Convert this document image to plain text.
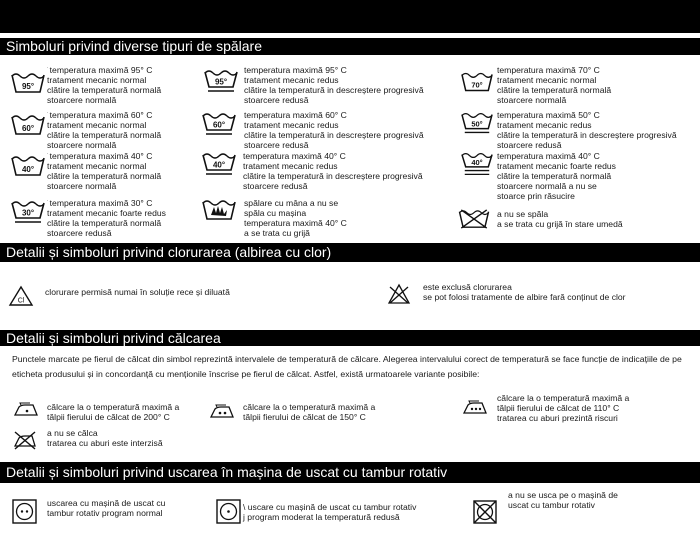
Simboluri privind diverse tipuri de spălare
95°
$^ˈ$temperatura maximă 95° C
tratament mecanic normal
clătire la temperatură normală
stoarcere normală
95°
temperatura maximă 95° C
tratament mecanic redus
clătire la temperatură in descreștere progresivă
stoarcere redusă
70°
temperatura maximă 70° C
tratament mecanic normal
clătire la temperatură normală
stoarcere normală
60°
$^ˈ$temperatura maximă 60° C
tratament mecanic normal
clătire la temperatură normală
stoarcere normală
60°
temperatura maximă 60° C
tratament mecanic redus
clătire la temperatură in descreștere progresivă
stoarcere redusă
50°
temperatura maximă 50° C
tratament mecanic redus
clătire la temperatură in descreștere progresivă
stoarcere redusă
40°
$^ˈ$temperatura maximă 40° C
tratament mecanic normal
clătire la temperatură normală
stoarcere normală
40°
temperatura maximă 40° C
tratament mecanic redus
clătire la temperatură in descreștere progresivă
stoarcere redusă
40°
temperatura maximă 40° C
tratament mecanic foarte redus
clătire la temperatură normală
stoarcere normală a nu se
stoarce prin răsucire
30°
$^ˈ$temperatura maximă 30° C
tratament mecanic foarte redus
clătire la temperatură normală
stoarcere redusă
spălare cu mâna a nu se
spăla cu mașina
temperatura maximă 40° C
a se trata cu grijă
a nu se spăla
a se trata cu grijă în stare umedă
Detalii și simboluri privind clorurarea (albirea cu clor)
Cl
clorurare permisă numai în soluție rece și diluată	este exclusă clorurarea
se pot folosi tratamente de albire fară conținut de clor
Detalii și simboluri privind călcarea
Punctele marcate pe fierul de călcat din simbol reprezintă intervalele de temperatură de călcare. Alegerea intervalului corect de temperatură se face funcție de indicațiile de pe eticheta produsului și in concordanță cu menționile înscrise pe fierul de călcat. Astfel, există urmatoarele variante posibile:
călcare la o temperatură maximă a
tălpii fierului de călcat de 200° C
călcare la o temperatură maximă a
tălpii fierului de călcat de 150° C
călcare la o temperatură maximă a
tălpii fierului de călcat de 110° C
tratarea cu aburi prezintă riscuri
a nu se călca
tratarea cu aburi este interzisă
Detalii și simboluri privind uscarea în mașina de uscat cu tambur rotativ
uscarea cu mașină de uscat cu
tambur rotativ program normal
\ uscare cu mașină de uscat cu tambur rotativ
j program moderat la temperatură redusă
a nu se usca pe o mașină de
uscat cu tambur rotativ
